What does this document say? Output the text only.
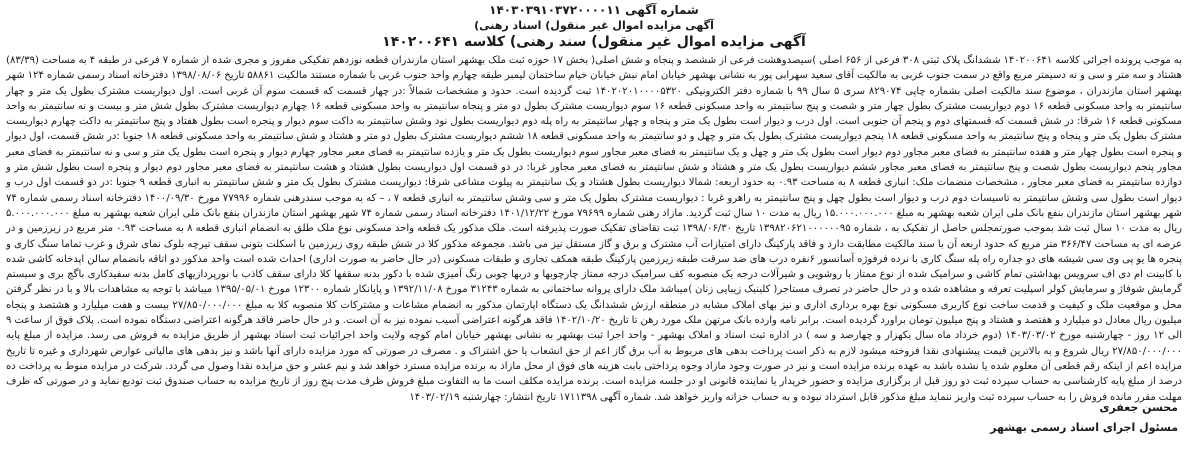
شماره آگهی ۱۴۰۳۰۳۹۱۰۳۷۲۰۰۰۰۱۱
آگهی مزایده اموال غیر منقول) اسناد رهنی)
آگهی مزایده اموال غیر منقول) سند رهنی) کلاسه ۱۴۰۲۰۰۶۴۱

به موجب پرونده اجرائی کلاسه ۱۴۰۲۰۰۶۴۱ ششدانگ پلاک ثبتی ۳۰۸ فرعی از ۶۵۶ اصلی )سیصدوهشت فرعی از ششصد و پنجاه و شش اصلی( بخش ۱۷ حوزه ثبت ملک بهشهر استان مازندران قطعه نوزدهم تفکیکی مفروز و مجری شده از شماره ۷ فرعی در طبقه ۴ به مساحت (۸۳/۳۹) هشتاد و سه متر و سی و نه دسیمتر مربع واقع در سمت جنوب غربی به مالکیت آقای سعید سهرابی پور به نشانی بهشهر خیابان امام نبش خیابان خیام ساختمان لیمبر طبقه چهارم واحد جنوب غربی با شماره مستند مالکیت ۵۸۸۶۱ تاریخ ۱۳۹۸/۰۸/۰۶ دفترخانه اسناد رسمی شماره ۱۲۴ شهر بهشهر استان مازندران ، موضوع سند مالکیت اصلی بشماره چاپی ۸۲۹۰۷۴ سری ۵ سال ۹۹ با شماره دفتر الکترونیکی ۱۴۰۲۰۲۰۱۰۰۰۰۵۳۲۰ ثبت گردیده است. حدود و مشخصات شمالاً :در چهار قسمت که قسمت سوم آن غربی است. اول دیواریست مشترک بطول یک متر و چهار سانتیمتر به واحد مسکونی قطعه ۱۶ دوم دیواریست مشترک بطول چهار متر و شصت و پنج سانتیمتر به واحد مسکونی قطعه ۱۶ سوم دیواریست مشترک بطول دو متر و پنجاه سانتیمتر به واحد مسکونی قطعه ۱۶ چهارم دیواریست مشترک بطول شش متر و بیست و نه سانتیمتر به واحد مسکونی قطعه ۱۶ شرقا: در شش قسمت که قسمتهای دوم و پنجم آن جنوبی است. اول درب و دیوار است بطول یک متر و پنجاه و چهار سانتیمتر به راه پله دوم دیواریست بطول نود وشش سانتیمتر به داکت سوم دیوار و پنجره است بطول هفتاد و پنج سانتیمتر به داکت چهارم دیواریست مشترک بطول یک متر و پنجاه و پنج سانتیمتر به واحد مسکونی قطعه ۱۸ پنجم دیواریست مشترک بطول یک متر و چهل و دو سانتیمتر به واحد مسکونی قطعه ۱۸ ششم دیواریست مشترک بطول دو متر و هشتاد و شش سانتیمتر به واحد مسکونی قطعه ۱۸ جنوبا :در شش قسمت، اول دیوار و پنجره است بطول چهار متر و هفده سانتیمتر به فضای معبر مجاور دوم دیوار است بطول یک متر و چهل و یک سانتیمتر به فضای معبر مجاور سوم دیواریست بطول یک متر و یازده سانتیمتر به فضای معبر مجاور چهارم دیوار و پنجره است بطول یک متر و سی و نه سانتیمتر به فضای معبر مجاور پنجم دیواریست بطول شصت و پنج سانتیمتر به فضای معبر مجاور ششم دیواریست بطول یک متر و هشتاد و شش سانتیمتر به فضای معبر مجاور غربا: در دو قسمت اول دیواریست بطول هشتاد و هشت سانتیمتر به فضای معبر مجاور دوم دیوار و پنجره است بطول شش متر و دوازده سانتیمتر به فضای معبر مجاور ، مشخصات منضمات ملک: انباری قطعه ۸ به مساحت ۰.۹۳ به حدود اربعه: شمالا دیواریست بطول هشتاد و یک سانتیمتر به پیلوت مشاعی شرقا: دیواریست مشترک بطول یک متر و شش سانتیمتر به انباری قطعه ۹ جنوبا :در دو قسمت اول درب و دیوار است بطول سی وشش سانتیمتر به تاسیسات دوم درب و دیوار است بطول چهل و پنج سانتیمتر به راهرو غربا : دیواریست مشترک بطول یک متر و سی وشش سانتیمتر به انباری قطعه ۷ ، – که به موجب سندرهنی شماره ۷۷۹۹۶ مورخ ۱۴۰۰/۰۹/۳۰ دفترخانه اسناد رسمی شماره ۷۴ شهر بهشهر استان مازندران بنفع بانک ملی ایران شعبه بهشهر به مبلغ ۱۵.۰۰۰.۰۰۰.۰۰۰ ریال به مدت ۱۰ سال ثبت گردید. مازاد رهنی شماره ۷۹۶۹۹ مورخ ۱۴۰۱/۱۲/۲۲ دفترخانه اسناد رسمی شماره ۷۴ شهر بهشهر استان مازندران بنفع بانک ملی ایران شعبه بهشهر به مبلغ ۵.۰۰۰.۰۰۰.۰۰۰ ریال به مدت ۱۰ سال ثبت شد بموجب صورتمجلس حاصل از تفکیک به ، شماره ۱۳۹۸۲۰۶۲۱۰۰۰۰۰۰۹۵ تاریخ ۱۳۹۸/۰۶/۳۰ ثبت تقاضای تفکیک صورت پذیرفته است. ملک مذکور یک قطعه واحد مسکونی نوع ملک طلق به انضمام انباری قطعه ۸ به مساحت ۰.۹۳ متر مربع در زیرزمین و در عرصه ای به مساحت ۳۶۶/۴۷ متر مربع که حدود اربعه آن با سند مالکیت مطابقت دارد و فاقد پارکینگ دارای امتیازات آب مشترک و برق و گاز مستقل نیز می باشد. مجموعه مذکور کلا در شش طبقه روی زیرزمین با اسکلت بتونی سقف تیرچه بلوک نمای شرق و غرب تماما سنگ کاری و پنجره ها یو پی وی سی شیشه های دو جداره راه پله سنگ کاری با نرده فرفوژه آسانسور ۶نفره درب های ضد سرقت طبقه زیرزمین پارکینگ طبقه همکف تجاری و طبقات مسکونی (در حال حاضر به صورت اداری) احداث شده است واحد مذکور دو اتاقه بانضمام سالن اپدخانه کاشی شده با کابینت ام دی اف سرویس بهداشتی تمام کاشی و سرامیک شده از نوع ممتاز با روشویی و شیرآلات درجه یک منصوبه کف سرامیک درجه ممتاز چارچوبها و دربها چوبی رنگ آمیزی شده با دکور بدنه سقفها کلا دارای سقف کاذب با نورپردازیهای کامل بدنه سفیدکاری باگچ بری و سیستم گرمایش شوفاژ و سرمایش کولر اسپلیت تعرفه و مشاهده شده و در حال حاضر در تصرف مستاجر( کلینیک زیبایی زنان )میباشد ملک دارای پروانه ساختمانی به شماره ۳۱۲۴۳ مورخ ۱۳۹۲/۱۱/۰۸ و پایانکار شماره ۱۲۳۰۰ مورخ ۱۳۹۵/۰۵/۰۱ میباشد با توجه به مشاهدات بالا و با در نظر گرفتن محل و موقعیت ملک و کیفیت و قدمت ساخت نوع کاربری مسکونی نوع بهره برداری اداری و نیز بهای املاک مشابه در منطقه ارزش ششدانگ یک دستگاه اپارتمان مذکور به انضمام مشاعات و مشترکات کلا منصوبه کلا به مبلغ ۲۷/۸۵۰/۰۰۰/۰۰۰ بیست و هفت میلیارد و هشتصد و پنجاه میلیون ریال معادل دو میلیارد و هفتصد و هشتاد و پنج میلیون تومان براورد گردیده است. برابر نامه وارده بانک مرتهن ملک مورد رهن تا تاریخ ۱۴۰۲/۱۰/۲۰ فاقد هرگونه اعتراضی آسیب نموده نیز به آن است. و در حال حاضر فاقد هرگونه اعتراضی دستگاه نموده است. پلاک فوق از ساعت ۹ الی ۱۲ روز - چهارشنبه مورخ ۱۴۰۳/۰۳/۰۲ (دوم خرداد ماه سال یکهزار و چهارصد و سه ) در اداره ثبت اسناد و املاک بهشهر - واحد اجرا ثبت بهشهر به نشانی بهشهر خیابان امام کوچه ولایت واحد اجرائیات ثبت اسناد بهشهر از طریق مزایده به فروش می رسد. مزایده از مبلغ پایه ۲۷/۸۵۰/۰۰۰/۰۰۰ ریال شروع و به بالاترین قیمت پیشنهادی نقدا فروخته میشود لازم به ذکر است پرداخت بدهی های مربوط به آب برق گاز اعم از حق انشعاب یا حق اشتراک و . مصرف در صورتی که مورد مزایده دارای آنها باشد و نیز بدهی های مالیاتی عوارض شهرداری و غیره تا تاریخ مزایده اعم از اینکه رقم قطعی آن معلوم شده یا نشده باشد به عهده برنده مزایده است و نیز در صورت وجود مازاد وجوه پرداختی بابت هزینه های فوق از محل مازاد به برنده مزایده مسترد خواهد شد و نیم عشر و حق مزایده نقدا وصول می گردد. شرکت در مزایده منوط به پرداخت ده درصد از مبلغ پایه کارشناسی به حساب سپرده ثبت دو روز قبل از برگزاری مزایده و حضور خریدار یا نماینده قانونی او در جلسه مزایده است. برنده مزایده مکلف است ما به التفاوت مبلغ فروش ظرف مدت پنج روز از تاریخ مزایده به حساب صندوق ثبت تودیع نماید و در صورتی که ظرف مهلت مقرر مانده فروش را به حساب سپرده ثبت واریز ننماید مبلغ مذکور قابل استرداد نبوده و به حساب خزانه واریز خواهد شد. شماره آگهی ۱۷۱۱۳۹۸ تاریخ انتشار: چهارشنبه ۱۴۰۳/۰۲/۱۹

محسن جعفری
مسئول اجرای اسناد رسمی بهشهر
